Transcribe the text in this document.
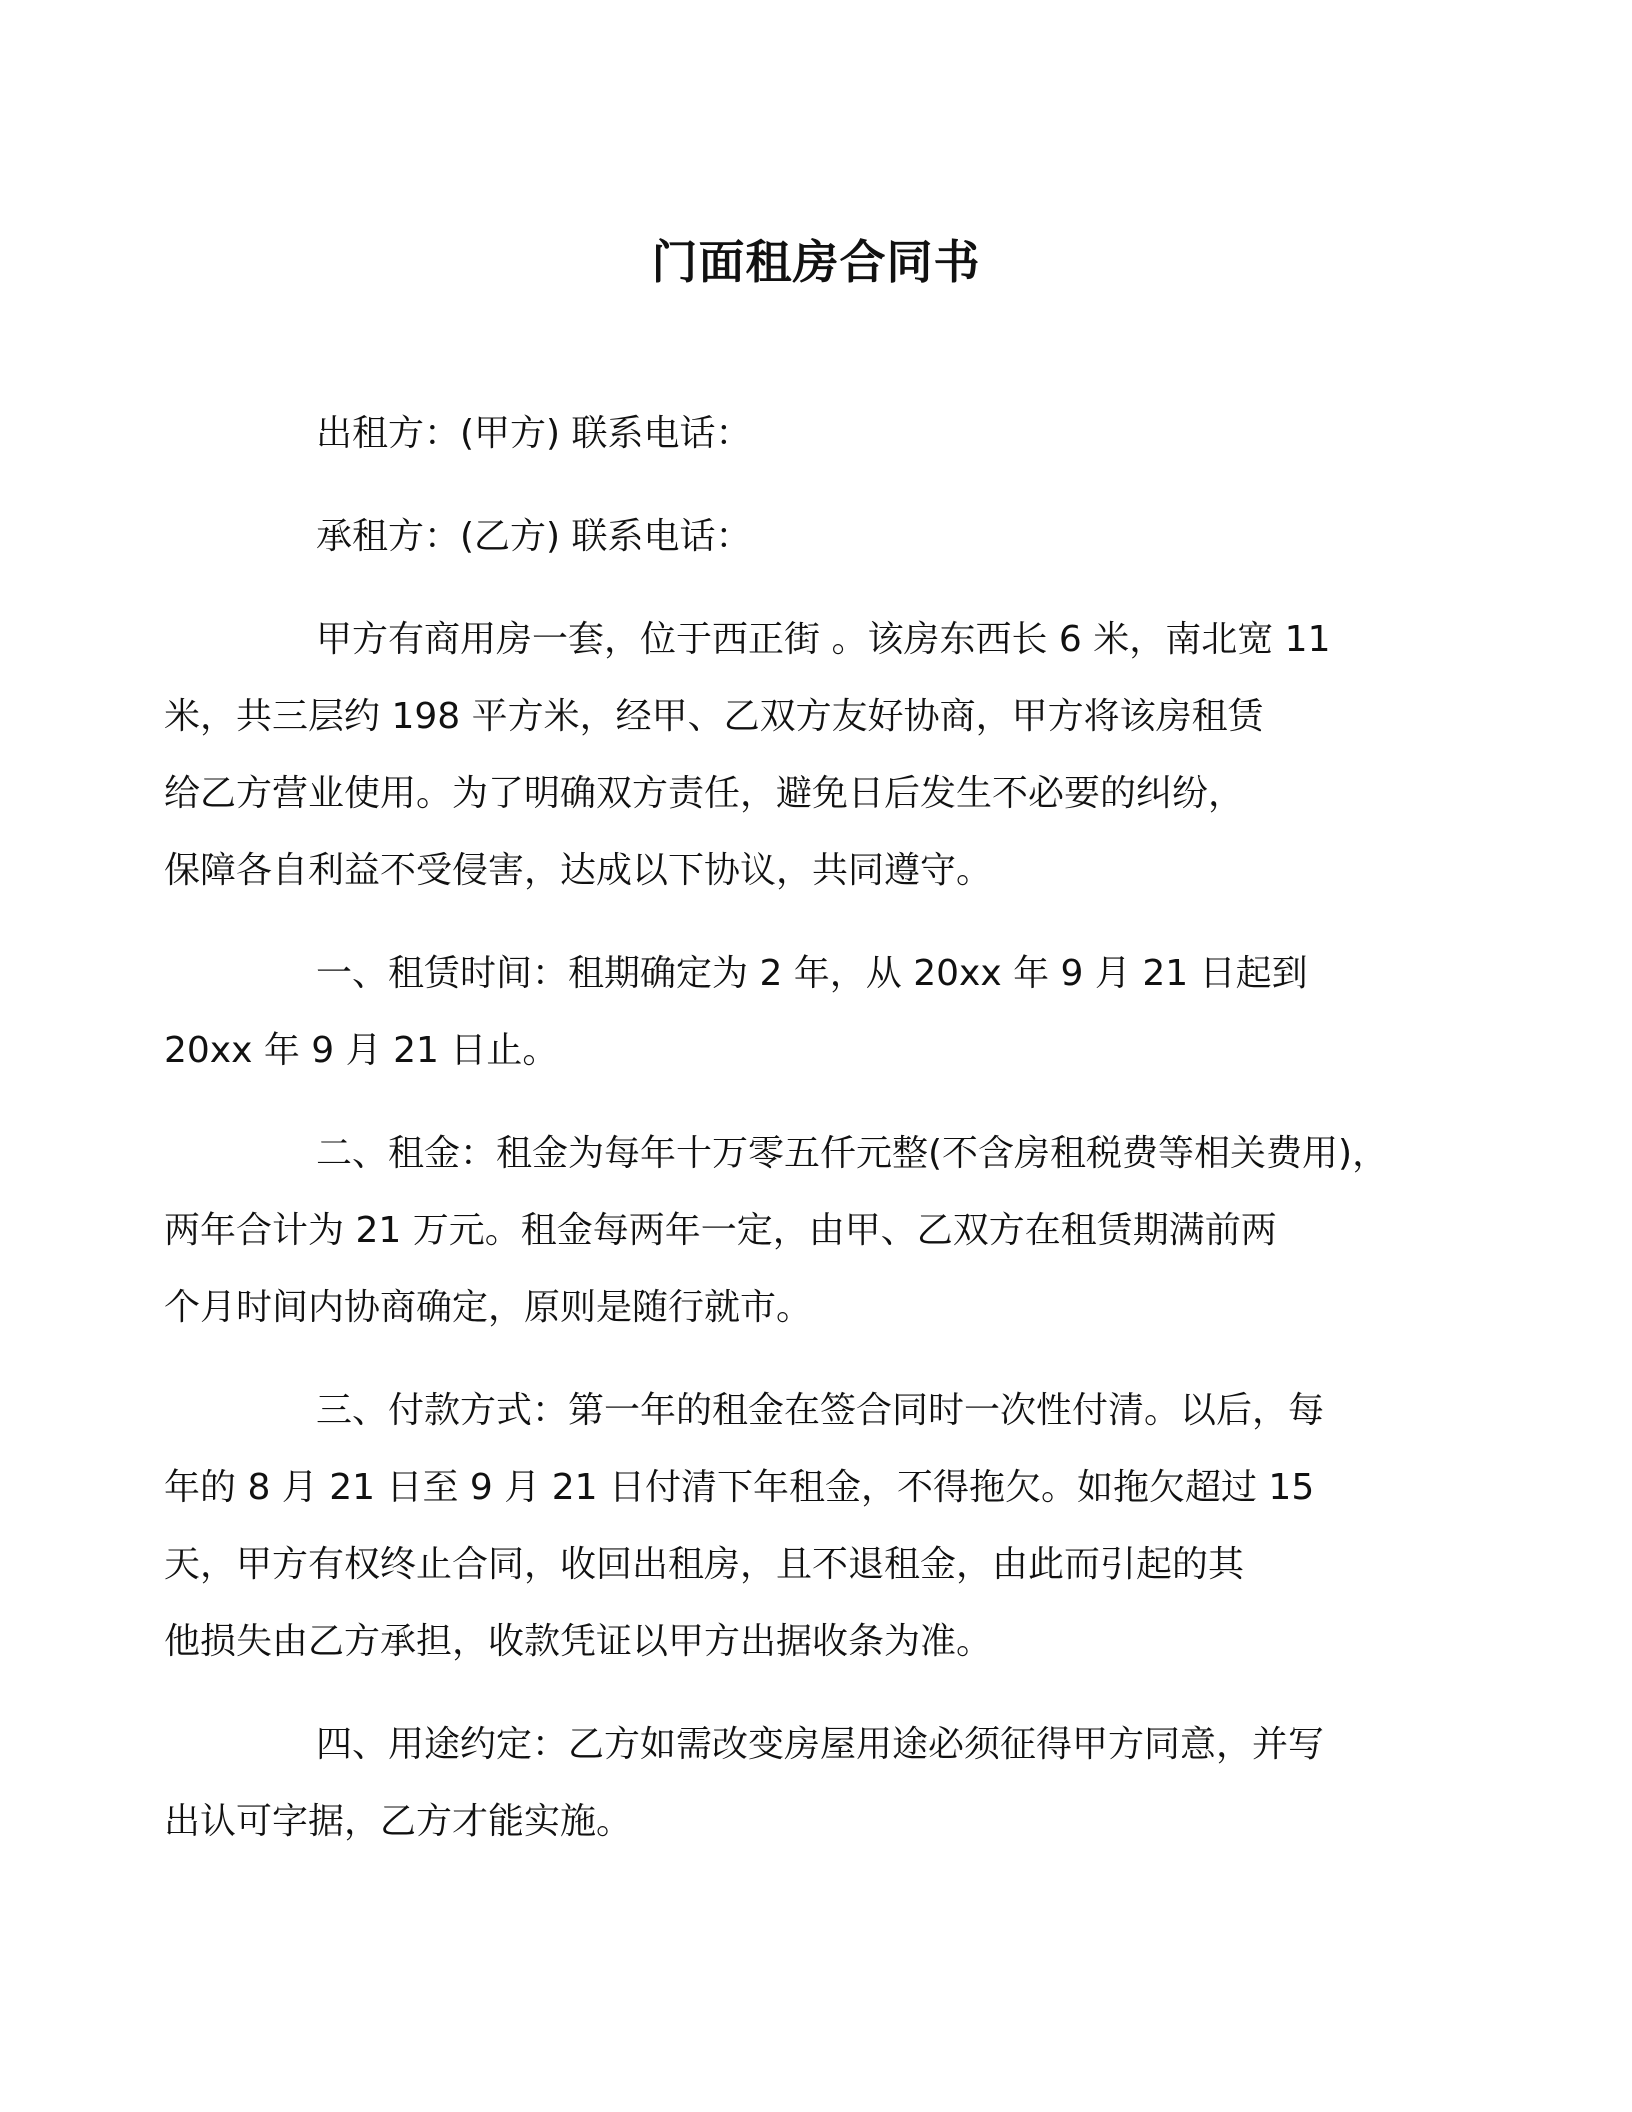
门面租房合同书

出租方：(甲方) 联系电话：

承租方：(乙方) 联系电话：

甲方有商用房一套，位于西正街 。该房东西长 6 米，南北宽 11
米，共三层约 198 平方米，经甲、乙双方友好协商，甲方将该房租赁
给乙方营业使用。为了明确双方责任，避免日后发生不必要的纠纷，
保障各自利益不受侵害，达成以下协议，共同遵守。

一、租赁时间：租期确定为 2 年，从 20xx 年 9 月 21 日起到
20xx 年 9 月 21 日止。

二、租金：租金为每年十万零五仟元整(不含房租税费等相关费用)，
两年合计为 21 万元。租金每两年一定，由甲、乙双方在租赁期满前两
个月时间内协商确定，原则是随行就市。

三、付款方式：第一年的租金在签合同时一次性付清。以后，每
年的 8 月 21 日至 9 月 21 日付清下年租金，不得拖欠。如拖欠超过 15
天，甲方有权终止合同，收回出租房，且不退租金，由此而引起的其
他损失由乙方承担，收款凭证以甲方出据收条为准。

四、用途约定：乙方如需改变房屋用途必须征得甲方同意，并写
出认可字据，乙方才能实施。
